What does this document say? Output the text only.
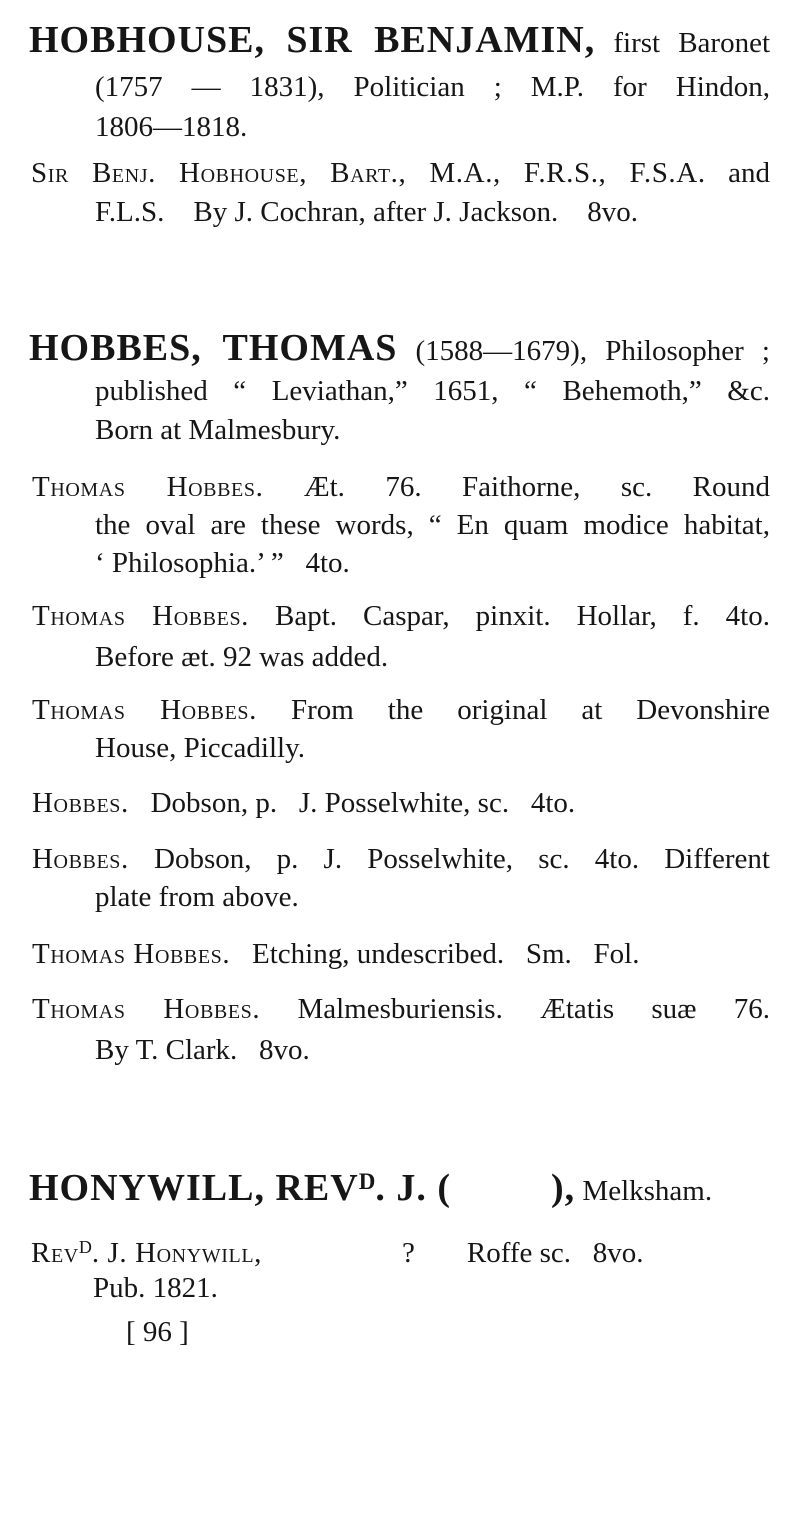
HOBHOUSE, SIR BENJAMIN, first Baronet
(1757 — 1831), Politician ; M.P. for Hindon,
1806—1818.
Sir Benj. Hobhouse, Bart., M.A., F.R.S., F.S.A. and
F.L.S. By J. Cochran, after J. Jackson.  8vo.
HOBBES, THOMAS (1588—1679), Philosopher ;
published “ Leviathan,” 1651, “ Behemoth,” &c.
Born at Malmesbury.
Thomas Hobbes. Æt. 76. Faithorne, sc. Round
the oval are these words, “ En quam modice habitat,
‘ Philosophia.’ ”  4to.
Thomas Hobbes. Bapt. Caspar, pinxit. Hollar, f. 4to.
Before æt. 92 was added.
Thomas Hobbes. From the original at Devonshire
House, Piccadilly.
Hobbes.  Dobson, p.  J. Posselwhite, sc.  4to.
Hobbes. Dobson, p. J. Posselwhite, sc. 4to. Different
plate from above.
Thomas Hobbes.  Etching, undescribed.  Sm.  Fol.
Thomas Hobbes. Malmesburiensis. Ætatis suæ 76.
By T. Clark.  8vo.
HONYWILL, $REV^D$. J. (	), Melksham.
Rev$^D$. J. Honywill,	? Roffe sc.  8vo.
Pub. 1821.
[ 96 ]
